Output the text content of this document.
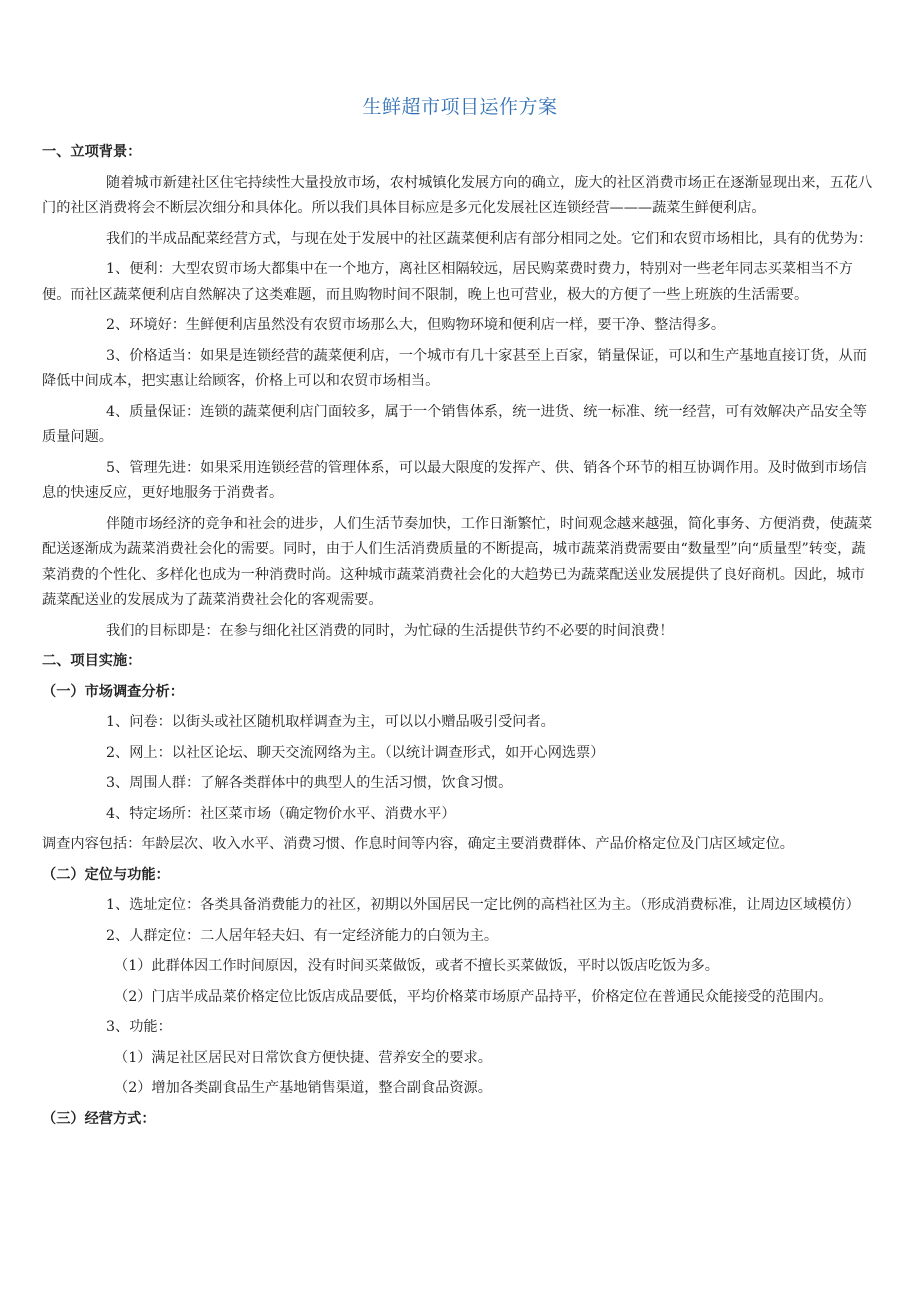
生鲜超市项目运作方案

一、立项背景：

随着城市新建社区住宅持续性大量投放市场，农村城镇化发展方向的确立，庞大的社区消费市场正在逐渐显现出来，五花八门的社区消费将会不断层次细分和具体化。所以我们具体目标应是多元化发展社区连锁经营———蔬菜生鲜便利店。

我们的半成品配菜经营方式，与现在处于发展中的社区蔬菜便利店有部分相同之处。它们和农贸市场相比，具有的优势为：

1、便利：大型农贸市场大都集中在一个地方，离社区相隔较远，居民购菜费时费力，特别对一些老年同志买菜相当不方便。而社区蔬菜便利店自然解决了这类难题，而且购物时间不限制，晚上也可营业，极大的方便了一些上班族的生活需要。

2、环境好：生鲜便利店虽然没有农贸市场那么大，但购物环境和便利店一样，要干净、整洁得多。

3、价格适当：如果是连锁经营的蔬菜便利店，一个城市有几十家甚至上百家，销量保证，可以和生产基地直接订货，从而降低中间成本，把实惠让给顾客，价格上可以和农贸市场相当。

4、质量保证：连锁的蔬菜便利店门面较多，属于一个销售体系，统一进货、统一标准、统一经营，可有效解决产品安全等质量问题。

5、管理先进：如果采用连锁经营的管理体系，可以最大限度的发挥产、供、销各个环节的相互协调作用。及时做到市场信息的快速反应，更好地服务于消费者。

伴随市场经济的竞争和社会的进步，人们生活节奏加快，工作日渐繁忙，时间观念越来越强，简化事务、方便消费，使蔬菜配送逐渐成为蔬菜消费社会化的需要。同时，由于人们生活消费质量的不断提高，城市蔬菜消费需要由“数量型”向“质量型”转变，蔬菜消费的个性化、多样化也成为一种消费时尚。这种城市蔬菜消费社会化的大趋势已为蔬菜配送业发展提供了良好商机。因此，城市蔬菜配送业的发展成为了蔬菜消费社会化的客观需要。

我们的目标即是：在参与细化社区消费的同时，为忙碌的生活提供节约不必要的时间浪费！

二、项目实施：

（一）市场调查分析：

1、问卷：以街头或社区随机取样调查为主，可以以小赠品吸引受问者。

2、网上：以社区论坛、聊天交流网络为主。（以统计调查形式，如开心网选票）

3、周围人群：了解各类群体中的典型人的生活习惯，饮食习惯。

4、特定场所：社区菜市场（确定物价水平、消费水平）

调查内容包括：年龄层次、收入水平、消费习惯、作息时间等内容，确定主要消费群体、产品价格定位及门店区域定位。

（二）定位与功能：

1、选址定位：各类具备消费能力的社区，初期以外国居民一定比例的高档社区为主。（形成消费标准，让周边区域模仿）

2、人群定位：二人居年轻夫妇、有一定经济能力的白领为主。

（1）此群体因工作时间原因，没有时间买菜做饭，或者不擅长买菜做饭，平时以饭店吃饭为多。

（2）门店半成品菜价格定位比饭店成品要低，平均价格菜市场原产品持平，价格定位在普通民众能接受的范围内。

3、功能：

（1）满足社区居民对日常饮食方便快捷、营养安全的要求。

（2）增加各类副食品生产基地销售渠道，整合副食品资源。

（三）经营方式：
